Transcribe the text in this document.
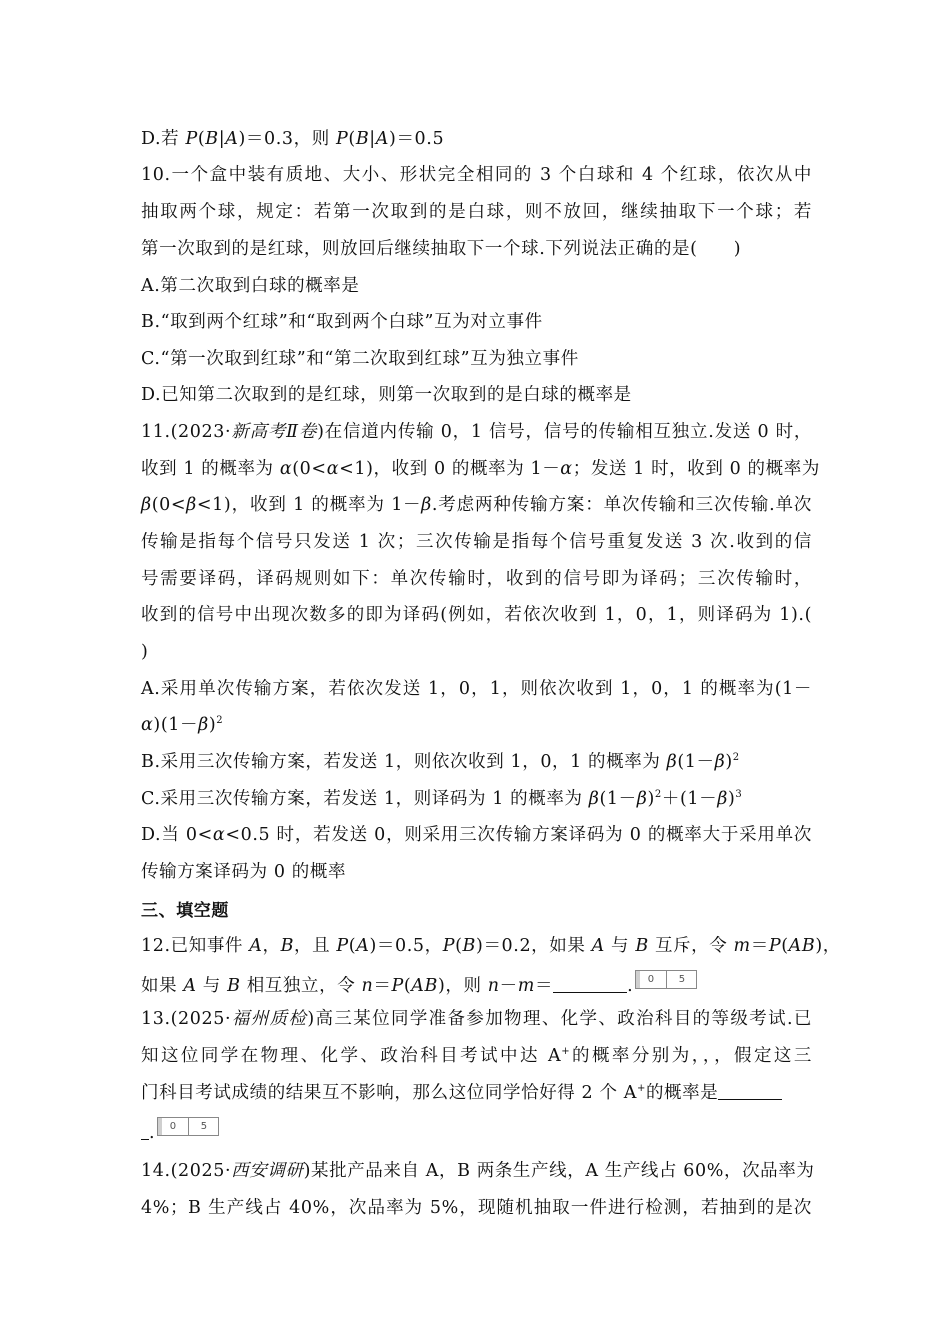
D.若 P(B|A)＝0.3，则 P(B|A)＝0.5
10.一个盒中装有质地、大小、形状完全相同的 3 个白球和 4 个红球，依次从中
抽取两个球，规定：若第一次取到的是白球，则不放回，继续抽取下一个球；若
第一次取到的是红球，则放回后继续抽取下一个球.下列说法正确的是(　　)
A.第二次取到白球的概率是
B.“取到两个红球”和“取到两个白球”互为对立事件
C.“第一次取到红球”和“第二次取到红球”互为独立事件
D.已知第二次取到的是红球，则第一次取到的是白球的概率是
11.(2023·新高考Ⅱ卷)在信道内传输 0，1 信号，信号的传输相互独立.发送 0 时，
收到 1 的概率为 α(0<α<1)，收到 0 的概率为 1－α；发送 1 时，收到 0 的概率为
β(0<β<1)，收到 1 的概率为 1－β.考虑两种传输方案：单次传输和三次传输.单次
传输是指每个信号只发送 1 次；三次传输是指每个信号重复发送 3 次.收到的信
号需要译码，译码规则如下：单次传输时，收到的信号即为译码；三次传输时，
收到的信号中出现次数多的即为译码(例如，若依次收到 1，0，1，则译码为 1).(
)
A.采用单次传输方案，若依次发送 1，0，1，则依次收到 1，0，1 的概率为(1－
$\alpha)(1-\beta)^2$
B.采用三次传输方案，若发送 1，则依次收到 1，0，1 的概率为 $\beta(1-\beta)^2$
C.采用三次传输方案，若发送 1，则译码为 1 的概率为 $\beta(1-\beta)^2+(1-\beta)^3$
D.当 0<α<0.5 时，若发送 0，则采用三次传输方案译码为 0 的概率大于采用单次
传输方案译码为 0 的概率
三、填空题
12.已知事件 A，B，且 P(A)＝0.5，P(B)＝0.2，如果 A 与 B 互斥，令 m＝P(AB)，
如果 A 与 B 相互独立，令 n＝P(AB)，则 n－m＝	.	0	5
13.(2025·福州质检)高三某位同学准备参加物理、化学、政治科目的等级考试.已
知这位同学在物理、化学、政治科目考试中达 A+的概率分别为，，，假定这三
门科目考试成绩的结果互不影响，那么这位同学恰好得 2 个 A+的概率是
.	0	5
14.(2025·西安调研)某批产品来自 A，B 两条生产线，A 生产线占 60%，次品率为
4%；B 生产线占 40%，次品率为 5%，现随机抽取一件进行检测，若抽到的是次
